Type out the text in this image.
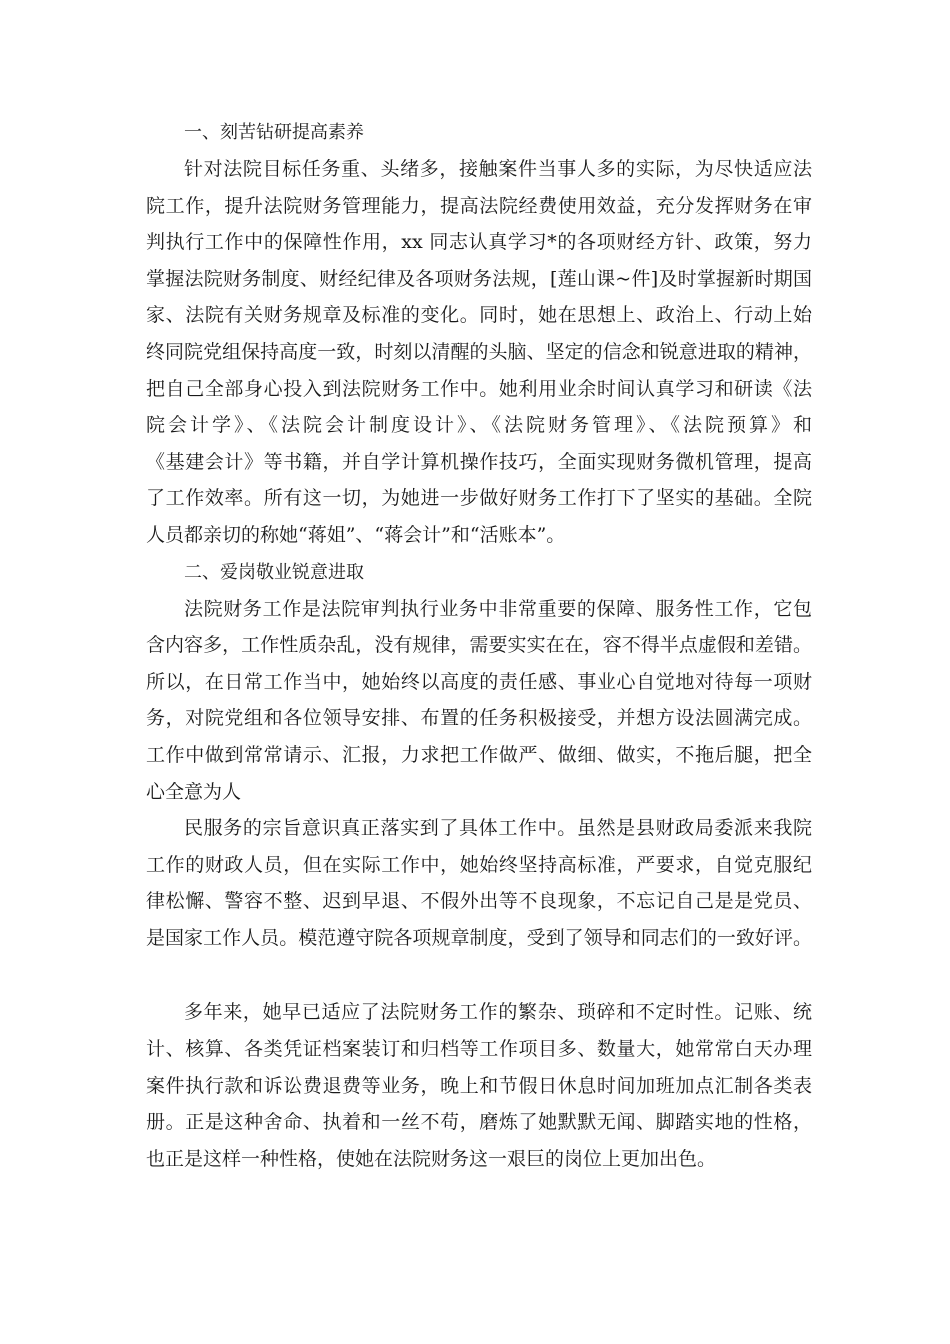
一、刻苦钻研提高素养

针对法院目标任务重、头绪多，接触案件当事人多的实际，为尽快适应法

院工作，提升法院财务管理能力，提高法院经费使用效益，充分发挥财务在审

判执行工作中的保障性作用，xx 同志认真学习*的各项财经方针、政策，努力

掌握法院财务制度、财经纪律及各项财务法规，[莲山课~件]及时掌握新时期国

家、法院有关财务规章及标准的变化。同时，她在思想上、政治上、行动上始

终同院党组保持高度一致，时刻以清醒的头脑、坚定的信念和锐意进取的精神，

把自己全部身心投入到法院财务工作中。她利用业余时间认真学习和研读《法

院会计学》、《法院会计制度设计》、《法院财务管理》、《法院预算》和

《基建会计》等书籍，并自学计算机操作技巧，全面实现财务微机管理，提高

了工作效率。所有这一切，为她进一步做好财务工作打下了坚实的基础。全院

人员都亲切的称她“蒋姐”、“蒋会计”和“活账本”。

二、爱岗敬业锐意进取

法院财务工作是法院审判执行业务中非常重要的保障、服务性工作，它包

含内容多，工作性质杂乱，没有规律，需要实实在在，容不得半点虚假和差错。

所以，在日常工作当中，她始终以高度的责任感、事业心自觉地对待每一项财

务，对院党组和各位领导安排、布置的任务积极接受，并想方设法圆满完成。

工作中做到常常请示、汇报，力求把工作做严、做细、做实，不拖后腿，把全

心全意为人

民服务的宗旨意识真正落实到了具体工作中。虽然是县财政局委派来我院

工作的财政人员，但在实际工作中，她始终坚持高标准，严要求，自觉克服纪

律松懈、警容不整、迟到早退、不假外出等不良现象，不忘记自己是是党员、

是国家工作人员。模范遵守院各项规章制度，受到了领导和同志们的一致好评。

多年来，她早已适应了法院财务工作的繁杂、琐碎和不定时性。记账、统

计、核算、各类凭证档案装订和归档等工作项目多、数量大，她常常白天办理

案件执行款和诉讼费退费等业务，晚上和节假日休息时间加班加点汇制各类表

册。正是这种舍命、执着和一丝不苟，磨炼了她默默无闻、脚踏实地的性格，

也正是这样一种性格，使她在法院财务这一艰巨的岗位上更加出色。
